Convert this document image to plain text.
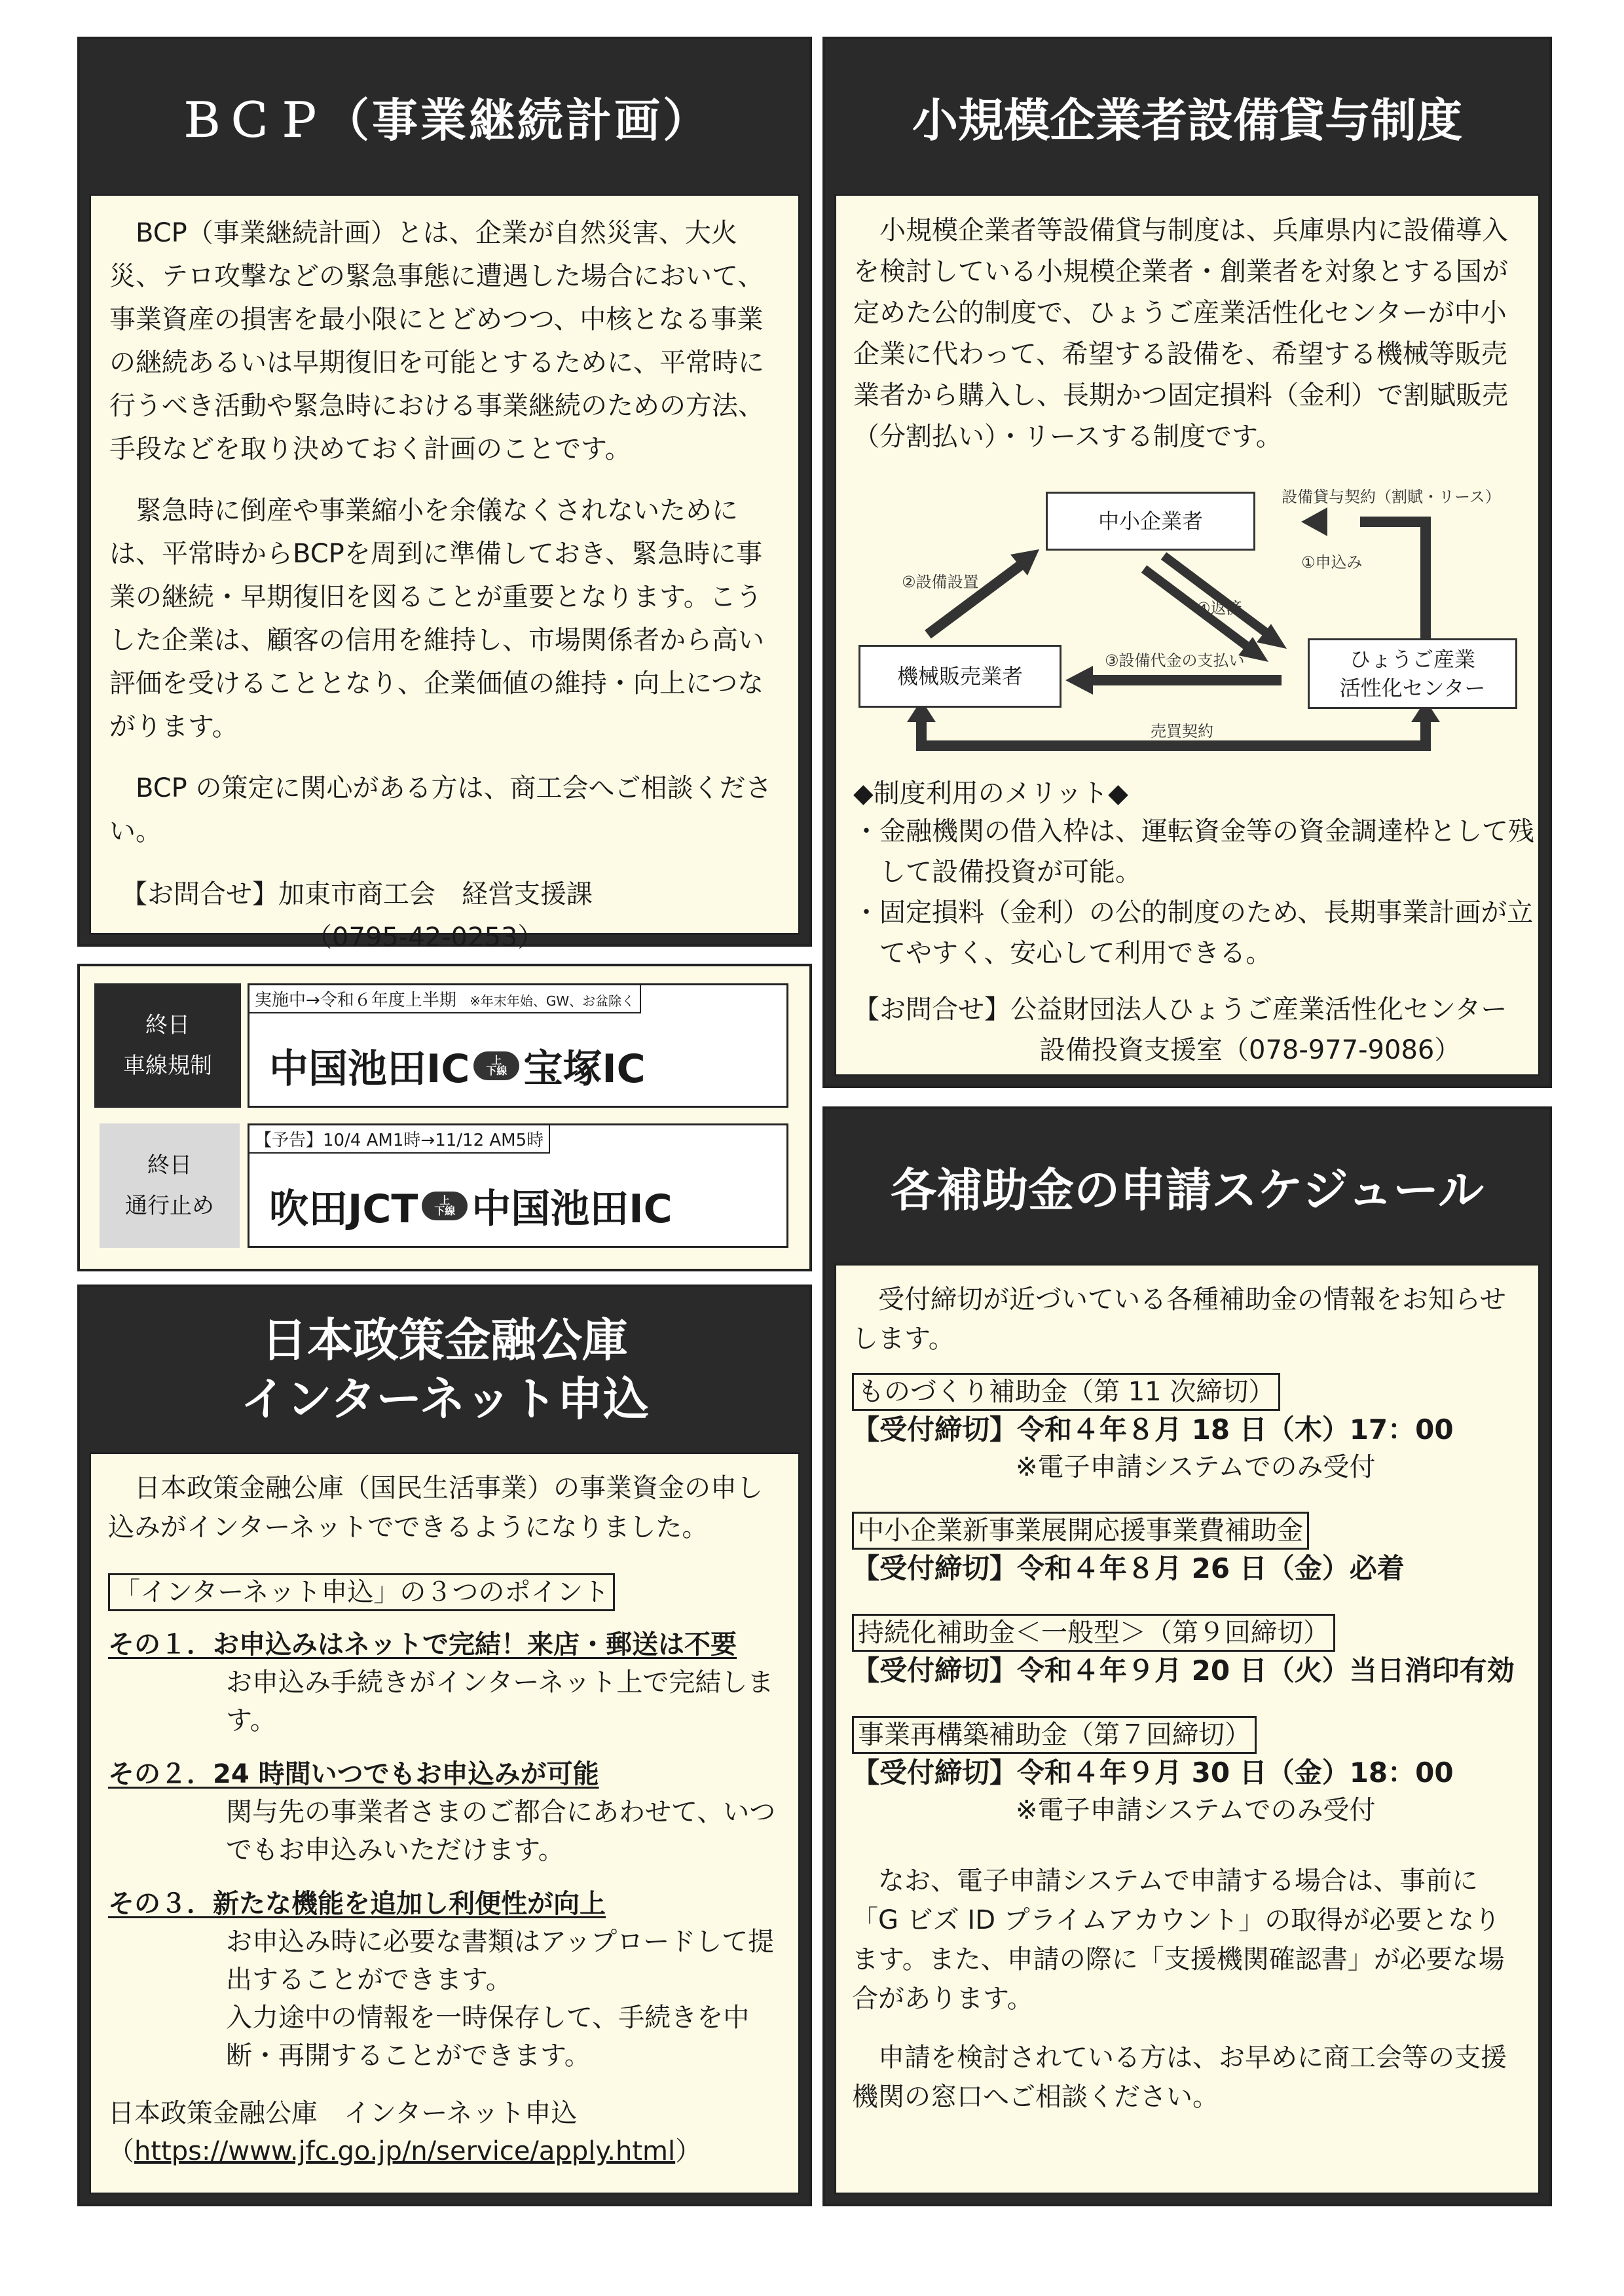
ＢＣＰ（事業継続計画）

BCP（事業継続計画）とは、企業が自然災害、大火災、テロ攻撃などの緊急事態に遭遇した場合において、事業資産の損害を最小限にとどめつつ、中核となる事業の継続あるいは早期復旧を可能とするために、平常時に行うべき活動や緊急時における事業継続のための方法、手段などを取り決めておく計画のことです。

緊急時に倒産や事業縮小を余儀なくされないためには、平常時からBCPを周到に準備しておき、緊急時に事業の継続・早期復旧を図ることが重要となります。こうした企業は、顧客の信用を維持し、市場関係者から高い評価を受けることとなり、企業価値の維持・向上につながります。

BCP の策定に関心がある方は、商工会へご相談ください。

【お問合せ】加東市商工会　経営支援課

（0795-42-0253）

小規模企業者設備貸与制度

小規模企業者等設備貸与制度は、兵庫県内に設備導入を検討している小規模企業者・創業者を対象とする国が定めた公的制度で、ひょうご産業活性化センターが中小企業に代わって、希望する設備を、希望する機械等販売業者から購入し、長期かつ固定損料（金利）で割賦販売（分割払い）・リースする制度です。

中小企業者
機械販売業者
ひょうご産業
活性化センター
設備貸与契約（割賦・リース）
②設備設置
①申込み
④返済
③設備代金の支払い
売買契約

◆制度利用のメリット◆

・金融機関の借入枠は、運転資金等の資金調達枠として残して設備投資が可能。

・固定損料（金利）の公的制度のため、長期事業計画が立てやすく、安心して利用できる。

【お問合せ】公益財団法人ひょうご産業活性化センター

設備投資支援室（078-977-9086）

終日
車線規制
実施中→令和６年度上半期 ※年末年始、GW、お盆除く
中国池田IC 上
下線 宝塚IC
終日
通行止め
【予告】10/4 AM1時→11/12 AM5時
吹田JCT 上
下線 中国池田IC
日本政策金融公庫
インターネット申込

日本政策金融公庫（国民生活事業）の事業資金の申し込みがインターネットでできるようになりました。

「インターネット申込」の３つのポイント

その１．お申込みはネットで完結！来店・郵送は不要

お申込み手続きがインターネット上で完結します。

その２．24 時間いつでもお申込みが可能

関与先の事業者さまのご都合にあわせて、いつでもお申込みいただけます。

その３．新たな機能を追加し利便性が向上

お申込み時に必要な書類はアップロードして提出することができます。

入力途中の情報を一時保存して、手続きを中断・再開することができます。

日本政策金融公庫　インターネット申込

（https://www.jfc.go.jp/n/service/apply.html）

各補助金の申請スケジュール

受付締切が近づいている各種補助金の情報をお知らせします。

ものづくり補助金（第 11 次締切）
【受付締切】令和４年８月 18 日（木）17：00
※電子申請システムでのみ受付
中小企業新事業展開応援事業費補助金
【受付締切】令和４年８月 26 日（金）必着
持続化補助金＜一般型＞（第９回締切）
【受付締切】令和４年９月 20 日（火）当日消印有効
事業再構築補助金（第７回締切）
【受付締切】令和４年９月 30 日（金）18：00
※電子申請システムでのみ受付

なお、電子申請システムで申請する場合は、事前に「G ビズ ID プライムアカウント」の取得が必要となります。また、申請の際に「支援機関確認書」が必要な場合があります。

申請を検討されている方は、お早めに商工会等の支援機関の窓口へご相談ください。
